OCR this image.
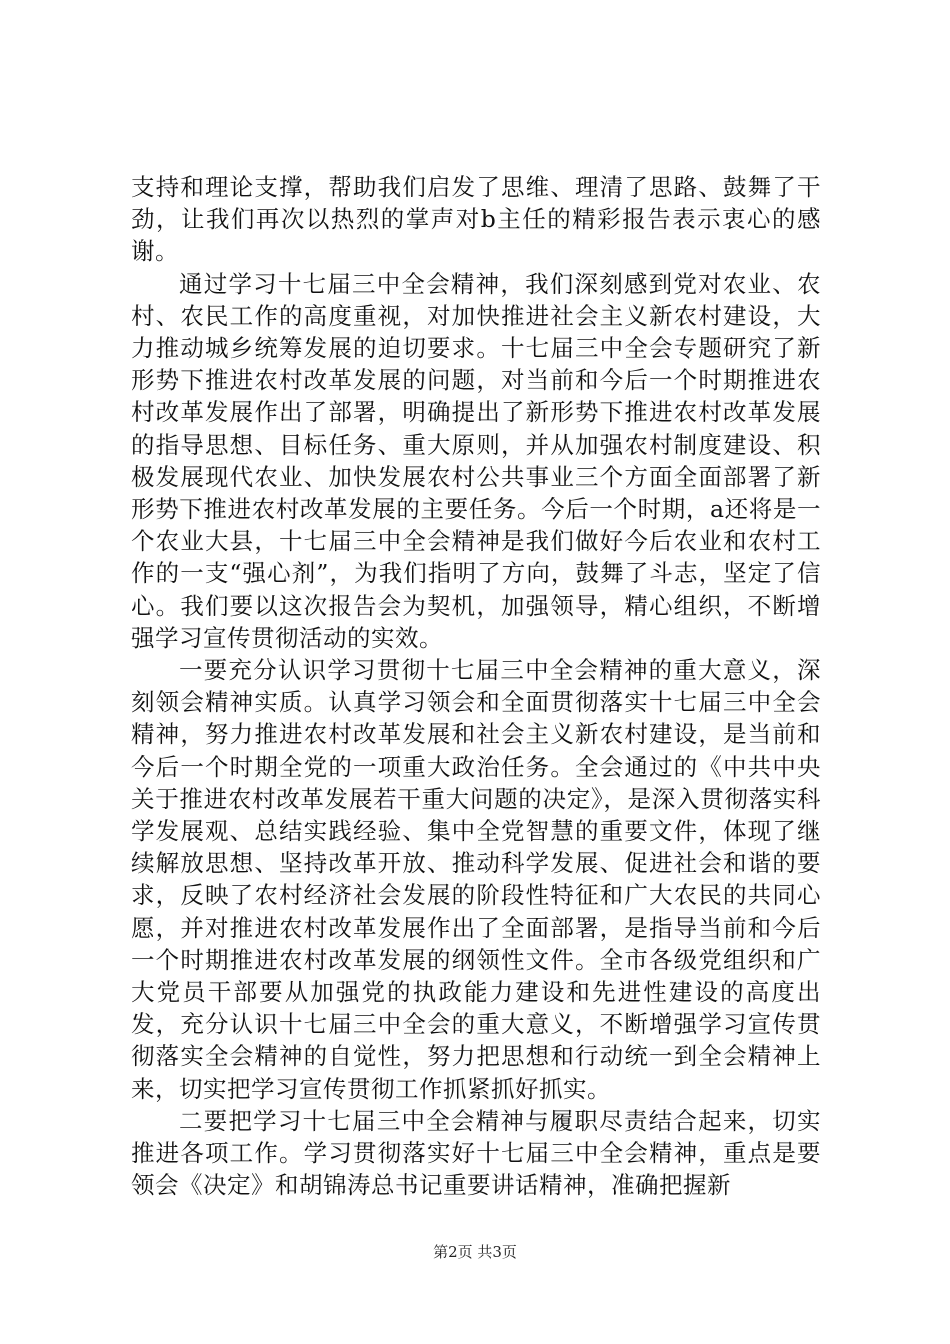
支持和理论支撑，帮助我们启发了思维、理清了思路、鼓舞了干劲，让我们再次以热烈的掌声对b主任的精彩报告表示衷心的感谢。

通过学习十七届三中全会精神，我们深刻感到党对农业、农村、农民工作的高度重视，对加快推进社会主义新农村建设，大力推动城乡统筹发展的迫切要求。十七届三中全会专题研究了新形势下推进农村改革发展的问题，对当前和今后一个时期推进农村改革发展作出了部署，明确提出了新形势下推进农村改革发展的指导思想、目标任务、重大原则，并从加强农村制度建设、积极发展现代农业、加快发展农村公共事业三个方面全面部署了新形势下推进农村改革发展的主要任务。今后一个时期，a还将是一个农业大县，十七届三中全会精神是我们做好今后农业和农村工作的一支“强心剂”，为我们指明了方向，鼓舞了斗志，坚定了信心。我们要以这次报告会为契机，加强领导，精心组织，不断增强学习宣传贯彻活动的实效。

一要充分认识学习贯彻十七届三中全会精神的重大意义，深刻领会精神实质。认真学习领会和全面贯彻落实十七届三中全会精神，努力推进农村改革发展和社会主义新农村建设，是当前和今后一个时期全党的一项重大政治任务。全会通过的《中共中央关于推进农村改革发展若干重大问题的决定》，是深入贯彻落实科学发展观、总结实践经验、集中全党智慧的重要文件，体现了继续解放思想、坚持改革开放、推动科学发展、促进社会和谐的要求，反映了农村经济社会发展的阶段性特征和广大农民的共同心愿，并对推进农村改革发展作出了全面部署，是指导当前和今后一个时期推进农村改革发展的纲领性文件。全市各级党组织和广大党员干部要从加强党的执政能力建设和先进性建设的高度出发，充分认识十七届三中全会的重大意义，不断增强学习宣传贯彻落实全会精神的自觉性，努力把思想和行动统一到全会精神上来，切实把学习宣传贯彻工作抓紧抓好抓实。

二要把学习十七届三中全会精神与履职尽责结合起来，切实推进各项工作。学习贯彻落实好十七届三中全会精神，重点是要领会《决定》和胡锦涛总书记重要讲话精神，准确把握新

第2页 共3页
